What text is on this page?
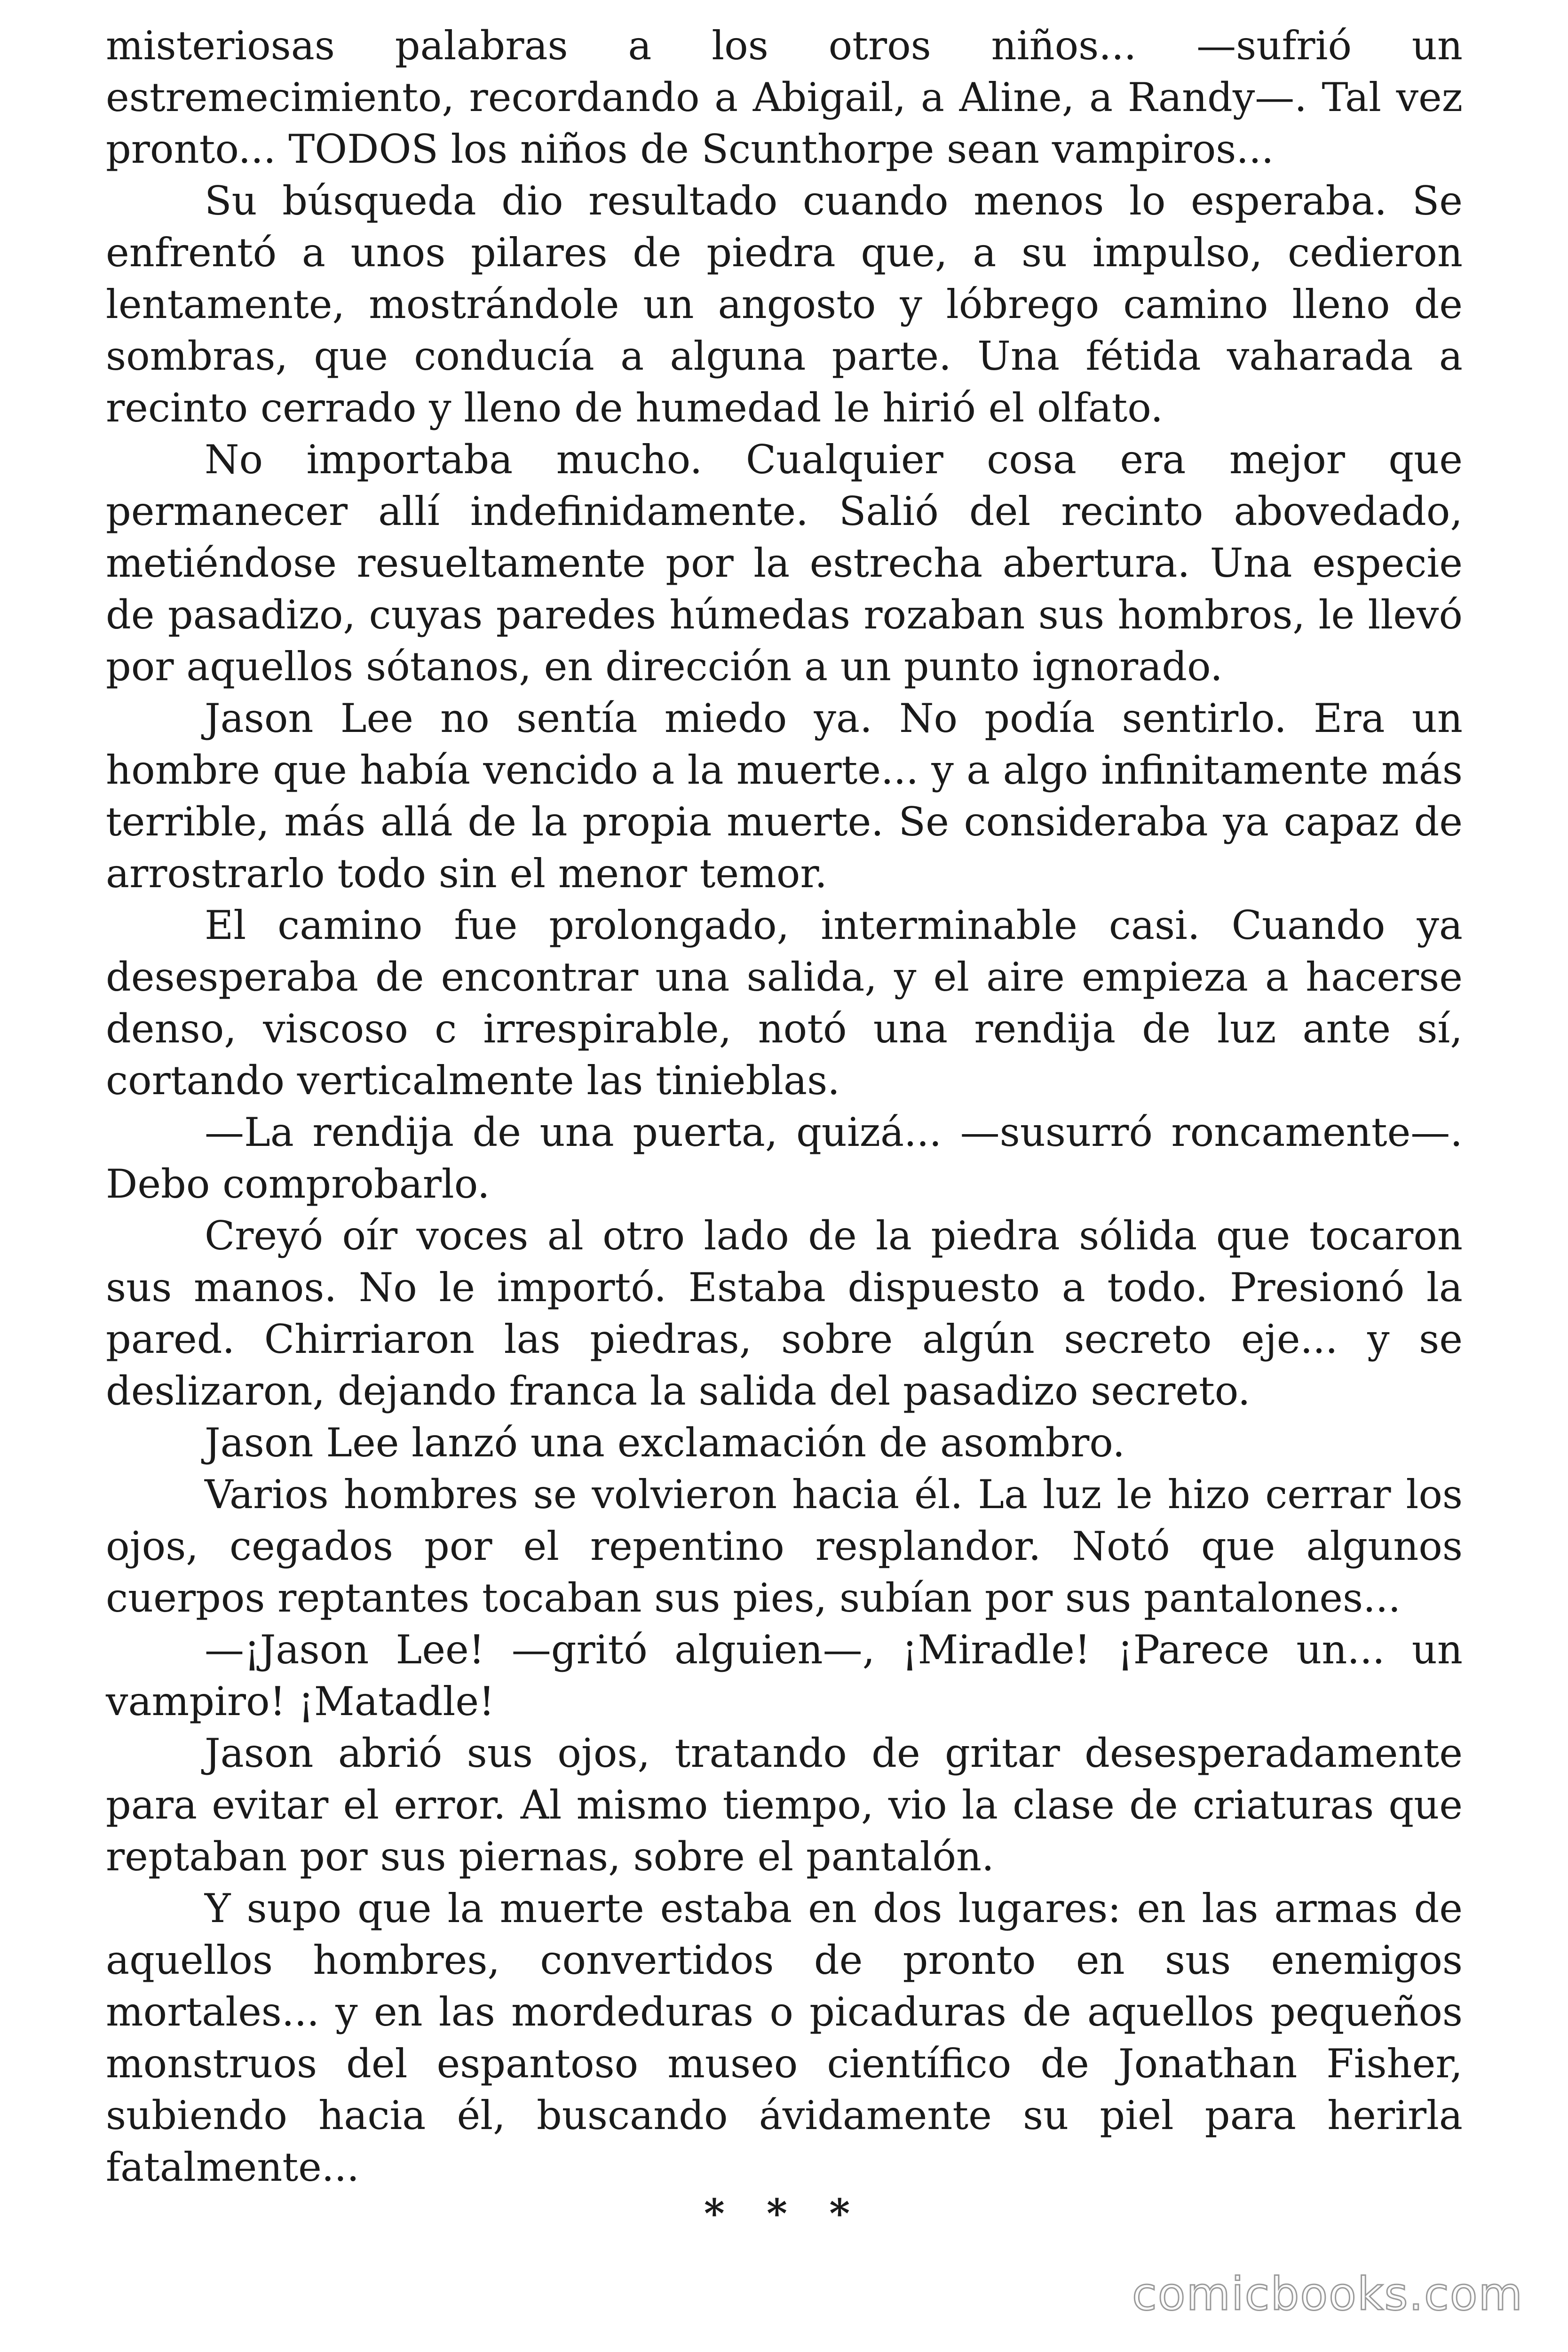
misteriosas palabras a los otros niños... —sufrió un estremecimiento, recordando a Abigail, a Aline, a Randy—. Tal vez pronto... TODOS los niños de Scunthorpe sean vampiros...

Su búsqueda dio resultado cuando menos lo esperaba. Se enfrentó a unos pilares de piedra que, a su impulso, cedieron lentamente, mostrándole un angosto y lóbrego camino lleno de sombras, que conducía a alguna parte. Una fétida vaharada a recinto cerrado y lleno de humedad le hirió el olfato.

No importaba mucho. Cualquier cosa era mejor que permanecer allí indefinidamente. Salió del recinto abovedado, metiéndose resueltamente por la estrecha abertura. Una especie de pasadizo, cuyas paredes húmedas rozaban sus hombros, le llevó por aquellos sótanos, en dirección a un punto ignorado.

Jason Lee no sentía miedo ya. No podía sentirlo. Era un hombre que había vencido a la muerte... y a algo infinitamente más terrible, más allá de la propia muerte. Se consideraba ya capaz de arrostrarlo todo sin el menor temor.

El camino fue prolongado, interminable casi. Cuando ya desesperaba de encontrar una salida, y el aire empieza a hacerse denso, viscoso c irrespirable, notó una rendija de luz ante sí, cortando verticalmente las tinieblas.

—La rendija de una puerta, quizá... —susurró roncamente—. Debo comprobarlo.

Creyó oír voces al otro lado de la piedra sólida que tocaron sus manos. No le importó. Estaba dispuesto a todo. Presionó la pared. Chirriaron las piedras, sobre algún secreto eje... y se deslizaron, dejando franca la salida del pasadizo secreto.

Jason Lee lanzó una exclamación de asombro.

Varios hombres se volvieron hacia él. La luz le hizo cerrar los ojos, cegados por el repentino resplandor. Notó que algunos cuerpos reptantes tocaban sus pies, subían por sus pantalones...

—¡Jason Lee! —gritó alguien—, ¡Miradle! ¡Parece un... un vampiro! ¡Matadle!

Jason abrió sus ojos, tratando de gritar desesperadamente para evitar el error. Al mismo tiempo, vio la clase de criaturas que reptaban por sus piernas, sobre el pantalón.

Y supo que la muerte estaba en dos lugares: en las armas de aquellos hombres, convertidos de pronto en sus enemigos mortales... y en las mordeduras o picaduras de aquellos pequeños monstruos del espantoso museo científico de Jonathan Fisher, subiendo hacia él, buscando ávidamente su piel para herirla fatalmente...

* * *
comicbooks.com
